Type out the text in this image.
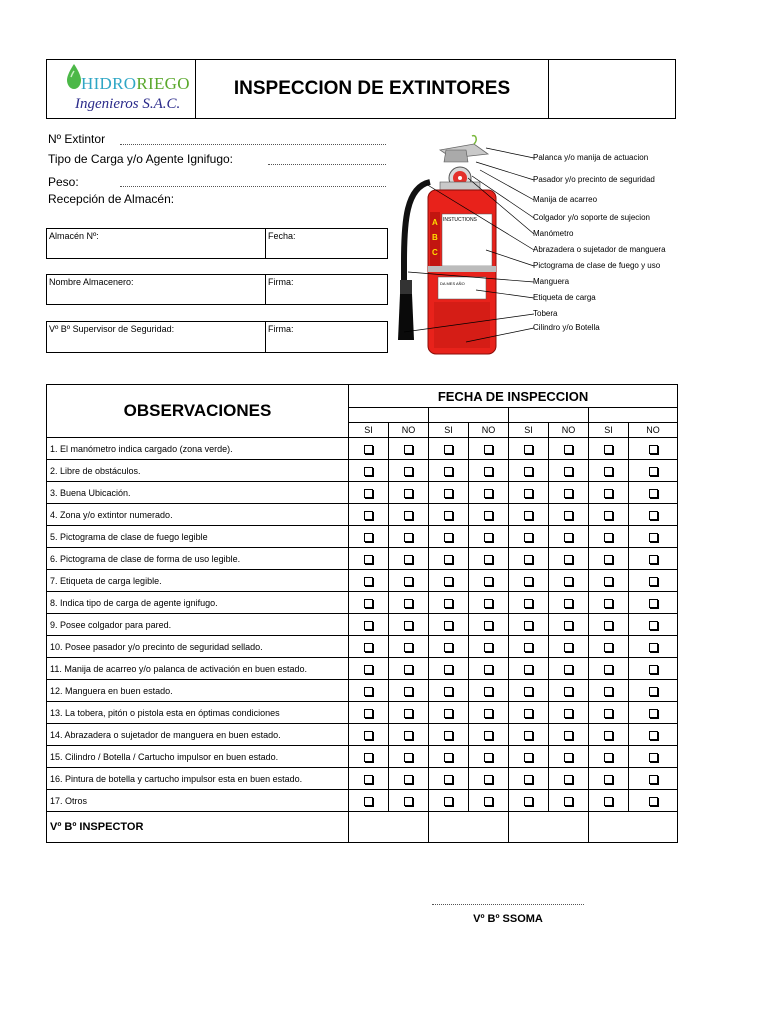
HIDRORIEGO
Ingenieros S.A.C.
INSPECCION DE EXTINTORES
Nº Extintor
Tipo de Carga y/o Agente Ignifugo:
Peso:
Recepción de Almacén:
Almacén Nº:	Fecha:
Nombre Almacenero:	Firma:
Vº Bº Supervisor de Seguridad:	Firma:
A
B
C
INSTUCTIONS
DA MES AÑO
0 1 2 3 4 5
Palanca y/o manija de actuacion
Pasador y/o precinto de seguridad
Manija de acarreo
Colgador y/o soporte de sujecion
Manómetro
Abrazadera o sujetador de manguera
Pictograma de clase de fuego y uso
Manguera
Etiqueta de carga
Tobera
Cilindro y/o Botella
OBSERVACIONES	FECHA DE INSPECCION							

	SI	NO	SI	NO	SI	NO	SI	NO
1. El manómetro indica cargado (zona verde).								
2. Libre de obstáculos.								
3. Buena Ubicación.								
4. Zona y/o extintor numerado.								
5. Pictograma de clase de fuego legible								
6. Pictograma de clase de forma de uso legible.								
7. Etiqueta de carga legible.								
8. Indica tipo de carga de agente ignifugo.								
9. Posee colgador para pared.								
10. Posee pasador y/o precinto de seguridad sellado.								
11. Manija de acarreo y/o palanca de activación en buen estado.								
12. Manguera en buen estado.								
13. La tobera, pitón o pistola esta en óptimas condiciones								
14. Abrazadera o sujetador de manguera en buen estado.								
15. Cilindro / Botella / Cartucho impulsor en buen estado.								
16. Pintura de botella y cartucho impulsor esta en buen estado.								
17. Otros								
Vº Bº INSPECTOR								
Vº Bº SSOMA
